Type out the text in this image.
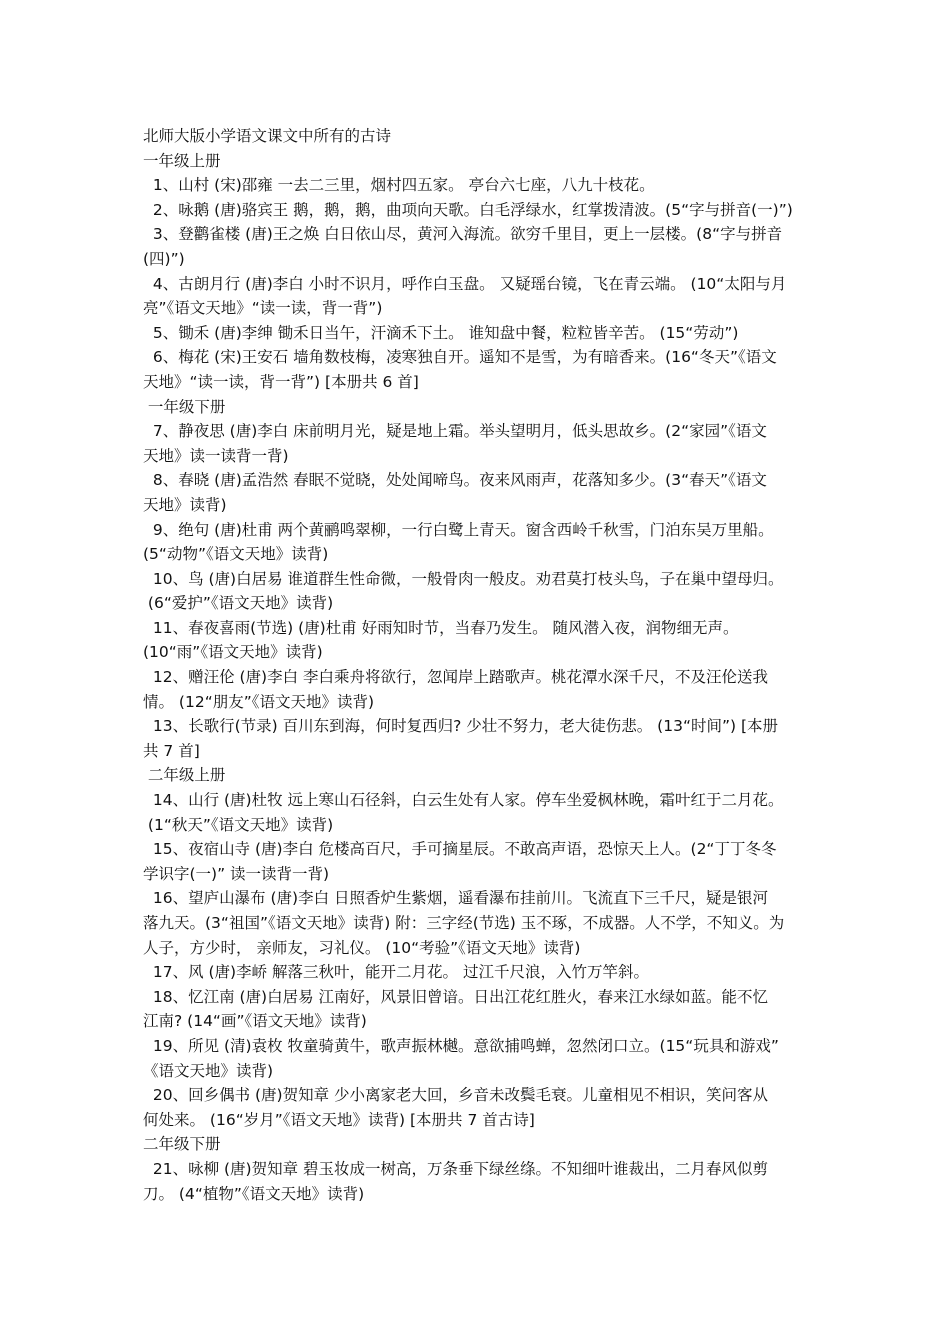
北师大版小学语文课文中所有的古诗
一年级上册
1、山村 (宋)邵雍 一去二三里，烟村四五家。 亭台六七座，八九十枝花。
2、咏鹅 (唐)骆宾王 鹅，鹅，鹅，曲项向天歌。白毛浮绿水，红掌拨清波。(5“字与拼音(一)”)
3、登鹳雀楼 (唐)王之焕 白日依山尽，黄河入海流。欲穷千里目，更上一层楼。(8“字与拼音
(四)”)
4、古朗月行 (唐)李白 小时不识月，呼作白玉盘。 又疑瑶台镜，飞在青云端。 (10“太阳与月
亮”《语文天地》“读一读，背一背”)
5、锄禾 (唐)李绅 锄禾日当午，汗滴禾下土。 谁知盘中餐，粒粒皆辛苦。 (15“劳动”)
6、梅花 (宋)王安石 墙角数枝梅，凌寒独自开。遥知不是雪，为有暗香来。(16“冬天”《语文
天地》“读一读，背一背”) [本册共 6 首]
一年级下册
7、静夜思 (唐)李白 床前明月光，疑是地上霜。举头望明月，低头思故乡。(2“家园”《语文
天地》读一读背一背)
8、春晓 (唐)孟浩然 春眠不觉晓，处处闻啼鸟。夜来风雨声，花落知多少。(3“春天”《语文
天地》读背)
9、绝句 (唐)杜甫 两个黄鹂鸣翠柳，一行白鹭上青天。窗含西岭千秋雪，门泊东吴万里船。
(5“动物”《语文天地》读背)
10、鸟 (唐)白居易 谁道群生性命微，一般骨肉一般皮。劝君莫打枝头鸟，子在巢中望母归。
(6“爱护”《语文天地》读背)
11、春夜喜雨(节选) (唐)杜甫 好雨知时节，当春乃发生。 随风潜入夜，润物细无声。
(10“雨”《语文天地》读背)
12、赠汪伦 (唐)李白 李白乘舟将欲行，忽闻岸上踏歌声。桃花潭水深千尺，不及汪伦送我
情。 (12“朋友”《语文天地》读背)
13、长歌行(节录) 百川东到海，何时复西归? 少壮不努力，老大徒伤悲。 (13“时间”) [本册
共 7 首]
二年级上册
14、山行 (唐)杜牧 远上寒山石径斜，白云生处有人家。停车坐爱枫林晚，霜叶红于二月花。
(1“秋天”《语文天地》读背)
15、夜宿山寺 (唐)李白 危楼高百尺，手可摘星辰。不敢高声语，恐惊天上人。(2“丁丁冬冬
学识字(一)” 读一读背一背)
16、望庐山瀑布 (唐)李白 日照香炉生紫烟，遥看瀑布挂前川。飞流直下三千尺，疑是银河
落九天。(3“祖国”《语文天地》读背) 附：三字经(节选) 玉不琢，不成器。人不学，不知义。为
人子，方少时， 亲师友，习礼仪。 (10“考验”《语文天地》读背)
17、风 (唐)李峤 解落三秋叶，能开二月花。 过江千尺浪，入竹万竿斜。
18、忆江南 (唐)白居易 江南好，风景旧曾谙。日出江花红胜火，春来江水绿如蓝。能不忆
江南? (14“画”《语文天地》读背)
19、所见 (清)袁枚 牧童骑黄牛，歌声振林樾。意欲捕鸣蝉，忽然闭口立。(15“玩具和游戏”
《语文天地》读背)
20、回乡偶书 (唐)贺知章 少小离家老大回，乡音未改鬓毛衰。儿童相见不相识，笑问客从
何处来。 (16“岁月”《语文天地》读背) [本册共 7 首古诗]
二年级下册
21、咏柳 (唐)贺知章 碧玉妆成一树高，万条垂下绿丝绦。不知细叶谁裁出，二月春风似剪
刀。 (4“植物”《语文天地》读背)
